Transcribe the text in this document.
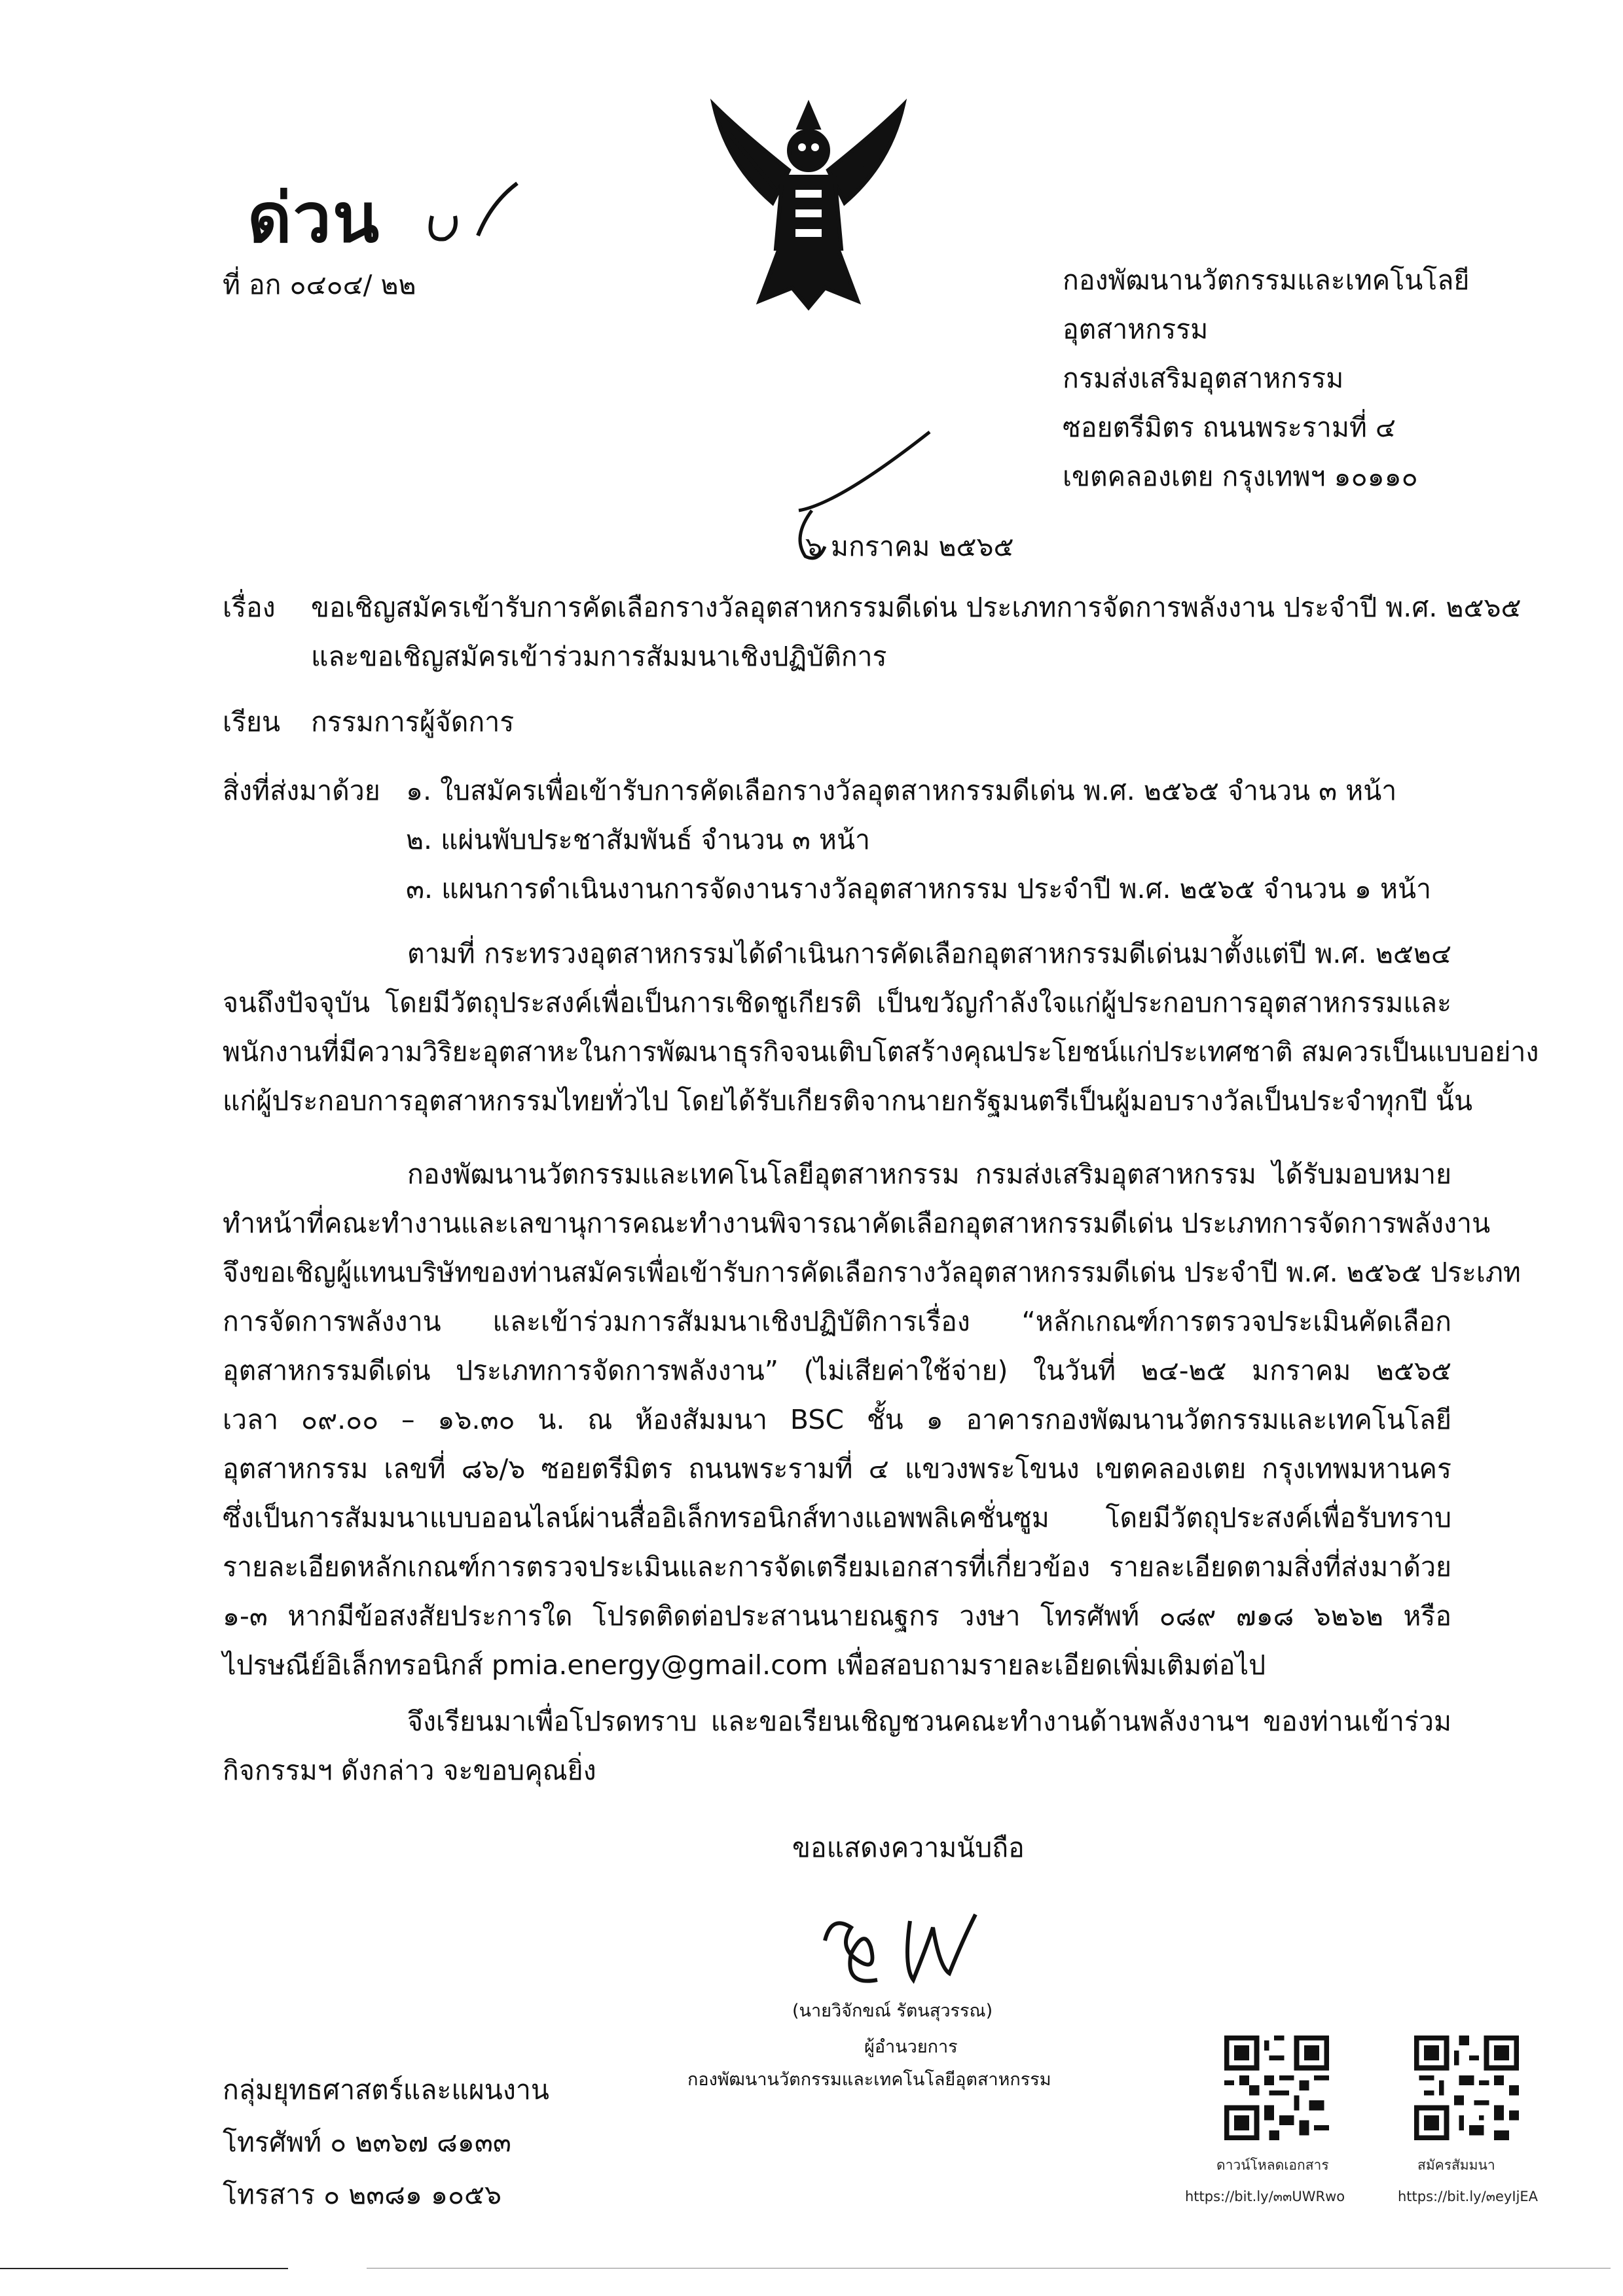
ด่วน
ที่ อก ๐๔๐๔/ ๒๒	กองพัฒนานวัตกรรมและเทคโนโลยี
อุตสาหกรรม
กรมส่งเสริมอุตสาหกรรม
ซอยตรีมิตร ถนนพระรามที่ ๔
เขตคลองเตย กรุงเทพฯ ๑๐๑๑๐
๖ มกราคม ๒๕๖๕
เรื่อง ขอเชิญสมัครเข้ารับการคัดเลือกรางวัลอุตสาหกรรมดีเด่น ประเภทการจัดการพลังงาน ประจำปี พ.ศ. ๒๕๖๕
และขอเชิญสมัครเข้าร่วมการสัมมนาเชิงปฏิบัติการ
เรียน กรรมการผู้จัดการ
สิ่งที่ส่งมาด้วย ๑. ใบสมัครเพื่อเข้ารับการคัดเลือกรางวัลอุตสาหกรรมดีเด่น พ.ศ. ๒๕๖๕ จำนวน ๓ หน้า
๒. แผ่นพับประชาสัมพันธ์ จำนวน ๓ หน้า
๓. แผนการดำเนินงานการจัดงานรางวัลอุตสาหกรรม ประจำปี พ.ศ. ๒๕๖๕ จำนวน ๑ หน้า
ตามที่ กระทรวงอุตสาหกรรมได้ดำเนินการคัดเลือกอุตสาหกรรมดีเด่นมาตั้งแต่ปี พ.ศ. ๒๕๒๔
จนถึงปัจจุบัน โดยมีวัตถุประสงค์เพื่อเป็นการเชิดชูเกียรติ เป็นขวัญกำลังใจแก่ผู้ประกอบการอุตสาหกรรมและ
พนักงานที่มีความวิริยะอุตสาหะในการพัฒนาธุรกิจจนเติบโตสร้างคุณประโยชน์แก่ประเทศชาติ สมควรเป็นแบบอย่าง
แก่ผู้ประกอบการอุตสาหกรรมไทยทั่วไป โดยได้รับเกียรติจากนายกรัฐมนตรีเป็นผู้มอบรางวัลเป็นประจำทุกปี นั้น
กองพัฒนานวัตกรรมและเทคโนโลยีอุตสาหกรรม กรมส่งเสริมอุตสาหกรรม ได้รับมอบหมาย
ทำหน้าที่คณะทำงานและเลขานุการคณะทำงานพิจารณาคัดเลือกอุตสาหกรรมดีเด่น ประเภทการจัดการพลังงาน
จึงขอเชิญผู้แทนบริษัทของท่านสมัครเพื่อเข้ารับการคัดเลือกรางวัลอุตสาหกรรมดีเด่น ประจำปี พ.ศ. ๒๕๖๕ ประเภท
การจัดการพลังงาน และเข้าร่วมการสัมมนาเชิงปฏิบัติการเรื่อง “หลักเกณฑ์การตรวจประเมินคัดเลือก
อุตสาหกรรมดีเด่น ประเภทการจัดการพลังงาน” (ไม่เสียค่าใช้จ่าย) ในวันที่ ๒๔-๒๕ มกราคม ๒๕๖๕
เวลา ๐๙.๐๐ – ๑๖.๓๐ น. ณ ห้องสัมมนา BSC ชั้น ๑ อาคารกองพัฒนานวัตกรรมและเทคโนโลยี
อุตสาหกรรม เลขที่ ๘๖/๖ ซอยตรีมิตร ถนนพระรามที่ ๔ แขวงพระโขนง เขตคลองเตย กรุงเทพมหานคร
ซึ่งเป็นการสัมมนาแบบออนไลน์ผ่านสื่ออิเล็กทรอนิกส์ทางแอพพลิเคชั่นซูม โดยมีวัตถุประสงค์เพื่อรับทราบ
รายละเอียดหลักเกณฑ์การตรวจประเมินและการจัดเตรียมเอกสารที่เกี่ยวข้อง รายละเอียดตามสิ่งที่ส่งมาด้วย
๑-๓ หากมีข้อสงสัยประการใด โปรดติดต่อประสานนายณฐกร วงษา โทรศัพท์ ๐๘๙ ๗๑๘ ๖๒๖๒ หรือ
ไปรษณีย์อิเล็กทรอนิกส์ pmia.energy@gmail.com เพื่อสอบถามรายละเอียดเพิ่มเติมต่อไป
จึงเรียนมาเพื่อโปรดทราบ และขอเรียนเชิญชวนคณะทำงานด้านพลังงานฯ ของท่านเข้าร่วม
กิจกรรมฯ ดังกล่าว จะขอบคุณยิ่ง
ขอแสดงความนับถือ
(นายวิจักขณ์ รัตนสุวรรณ)
ผู้อำนวยการ
กองพัฒนานวัตกรรมและเทคโนโลยีอุตสาหกรรม
กลุ่มยุทธศาสตร์และแผนงาน
โทรศัพท์ ๐ ๒๓๖๗ ๘๑๓๓
โทรสาร ๐ ๒๓๘๑ ๑๐๕๖
ดาวน์โหลดเอกสาร
https://bit.ly/๓๓UWRwo
สมัครสัมมนา
https://bit.ly/๓eyIjEA
